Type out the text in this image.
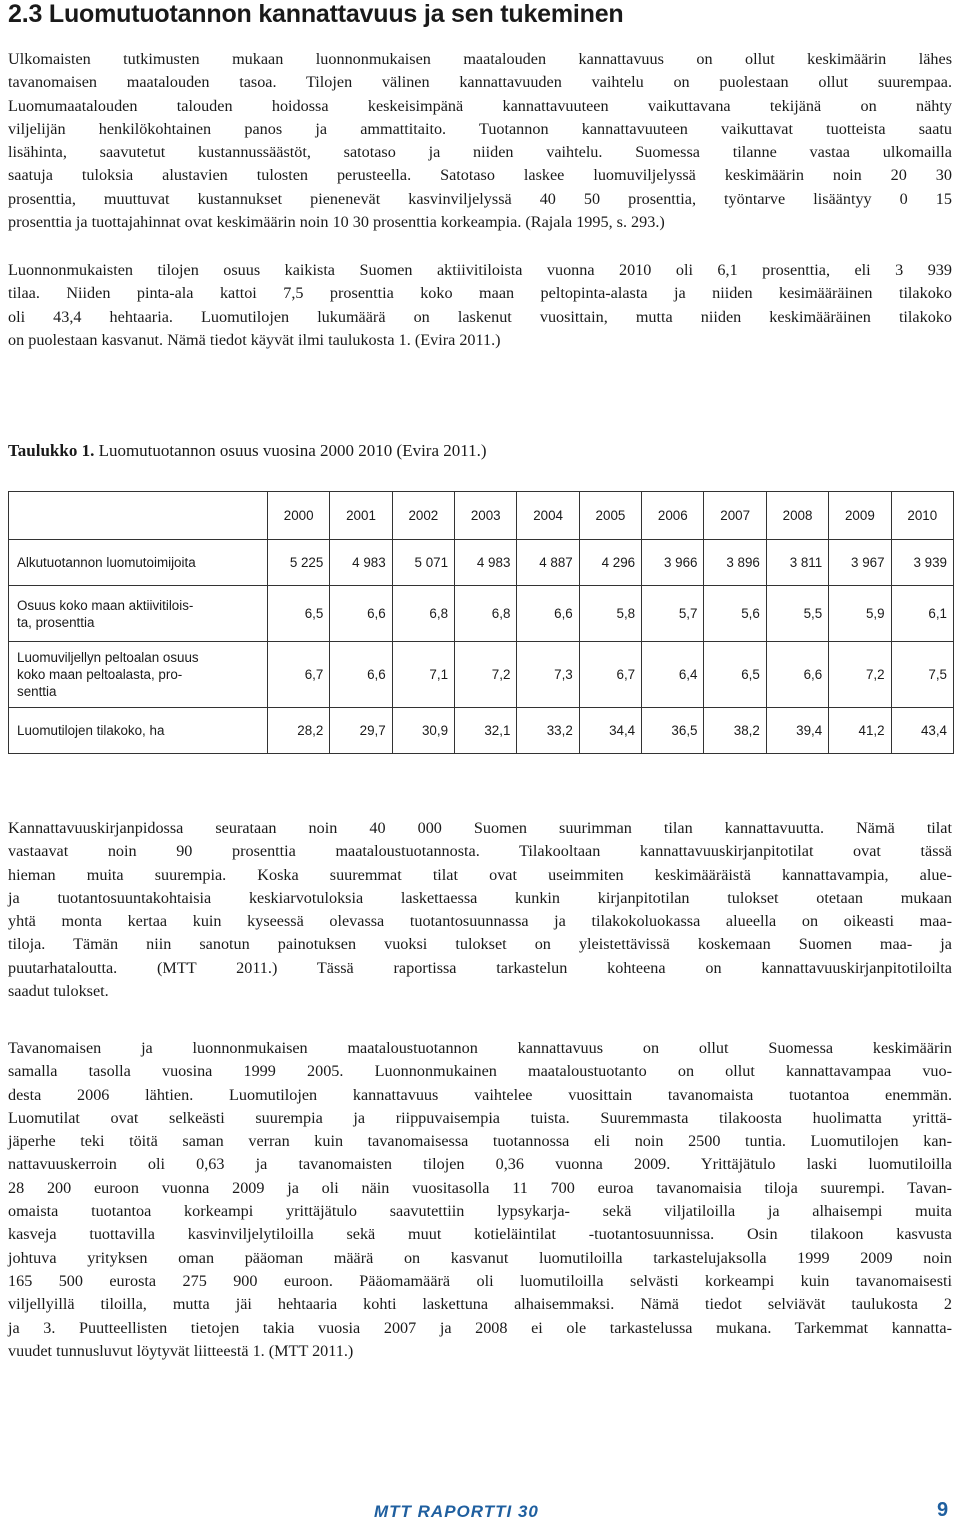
2.3 Luomutuotannon kannattavuus ja sen tukeminen
Ulkomaisten tutkimusten mukaan luonnonmukaisen maatalouden kannattavuus on ollut keskimäärin lähes
tavanomaisen maatalouden tasoa. Tilojen välinen kannattavuuden vaihtelu on puolestaan ollut suurempaa.
Luomumaatalouden talouden hoidossa keskeisimpänä kannattavuuteen vaikuttavana tekijänä on nähty
viljelijän henkilökohtainen panos ja ammattitaito. Tuotannon kannattavuuteen vaikuttavat tuotteista saatu
lisähinta, saavutetut kustannussäästöt, satotaso ja niiden vaihtelu. Suomessa tilanne vastaa ulkomailla
saatuja tuloksia alustavien tulosten perusteella. Satotaso laskee luomuviljelyssä keskimäärin noin 20 30
prosenttia, muuttuvat kustannukset pienenevät kasvinviljelyssä 40 50 prosenttia, työntarve lisääntyy 0 15
prosenttia ja tuottajahinnat ovat keskimäärin noin 10 30 prosenttia korkeampia. (Rajala 1995, s. 293.)
Luonnonmukaisten tilojen osuus kaikista Suomen aktiivitiloista vuonna 2010 oli 6,1 prosenttia, eli 3 939
tilaa. Niiden pinta-ala kattoi 7,5 prosenttia koko maan peltopinta-alasta ja niiden kesimääräinen tilakoko
oli 43,4 hehtaaria. Luomutilojen lukumäärä on laskenut vuosittain, mutta niiden keskimääräinen tilakoko
on puolestaan kasvanut. Nämä tiedot käyvät ilmi taulukosta 1. (Evira 2011.)
Taulukko 1. Luomutuotannon osuus vuosina 2000 2010 (Evira 2011.)
	2000	2001	2002	2003	2004	2005	2006	2007	2008	2009	2010
Alkutuotannon luomutoimijoita	5 225	4 983	5 071	4 983	4 887	4 296	3 966	3 896	3 811	3 967	3 939
Osuus koko maan aktiivitilois-
ta, prosenttia	6,5	6,6	6,8	6,8	6,6	5,8	5,7	5,6	5,5	5,9	6,1
Luomuviljellyn peltoalan osuus
koko maan peltoalasta, pro-
senttia	6,7	6,6	7,1	7,2	7,3	6,7	6,4	6,5	6,6	7,2	7,5
Luomutilojen tilakoko, ha	28,2	29,7	30,9	32,1	33,2	34,4	36,5	38,2	39,4	41,2	43,4
Kannattavuuskirjanpidossa seurataan noin 40 000 Suomen suurimman tilan kannattavuutta. Nämä tilat
vastaavat noin 90 prosenttia maataloustuotannosta. Tilakooltaan kannattavuuskirjanpitotilat ovat tässä
hieman muita suurempia. Koska suuremmat tilat ovat useimmiten keskimääräistä kannattavampia, alue-
ja tuotantosuuntakohtaisia keskiarvotuloksia laskettaessa kunkin kirjanpitotilan tulokset otetaan mukaan
yhtä monta kertaa kuin kyseessä olevassa tuotantosuunnassa ja tilakokoluokassa alueella on oikeasti maa-
tiloja. Tämän niin sanotun painotuksen vuoksi tulokset on yleistettävissä koskemaan Suomen maa- ja
puutarhataloutta. (MTT 2011.) Tässä raportissa tarkastelun kohteena on kannattavuuskirjanpitotiloilta
saadut tulokset.
Tavanomaisen ja luonnonmukaisen maataloustuotannon kannattavuus on ollut Suomessa keskimäärin
samalla tasolla vuosina 1999 2005. Luonnonmukainen maataloustuotanto on ollut kannattavampaa vuo-
desta 2006 lähtien. Luomutilojen kannattavuus vaihtelee vuosittain tavanomaista tuotantoa enemmän.
Luomutilat ovat selkeästi suurempia ja riippuvaisempia tuista. Suuremmasta tilakoosta huolimatta yrittä-
jäperhe teki töitä saman verran kuin tavanomaisessa tuotannossa eli noin 2500 tuntia. Luomutilojen kan-
nattavuuskerroin oli 0,63 ja tavanomaisten tilojen 0,36 vuonna 2009. Yrittäjätulo laski luomutiloilla
28 200 euroon vuonna 2009 ja oli näin vuositasolla 11 700 euroa tavanomaisia tiloja suurempi. Tavan-
omaista tuotantoa korkeampi yrittäjätulo saavutettiin lypsykarja- sekä viljatiloilla ja alhaisempi muita
kasveja tuottavilla kasvinviljelytiloilla sekä muut kotieläintilat -tuotantosuunnissa. Osin tilakoon kasvusta
johtuva yrityksen oman pääoman määrä on kasvanut luomutiloilla tarkastelujaksolla 1999 2009 noin
165 500 eurosta 275 900 euroon. Pääomamäärä oli luomutiloilla selvästi korkeampi kuin tavanomaisesti
viljellyillä tiloilla, mutta jäi hehtaaria kohti laskettuna alhaisemmaksi. Nämä tiedot selviävät taulukosta 2
ja 3. Puutteellisten tietojen takia vuosia 2007 ja 2008 ei ole tarkastelussa mukana. Tarkemmat kannatta-
vuudet tunnusluvut löytyvät liitteestä 1. (MTT 2011.)
MTT RAPORTTI 30	9
